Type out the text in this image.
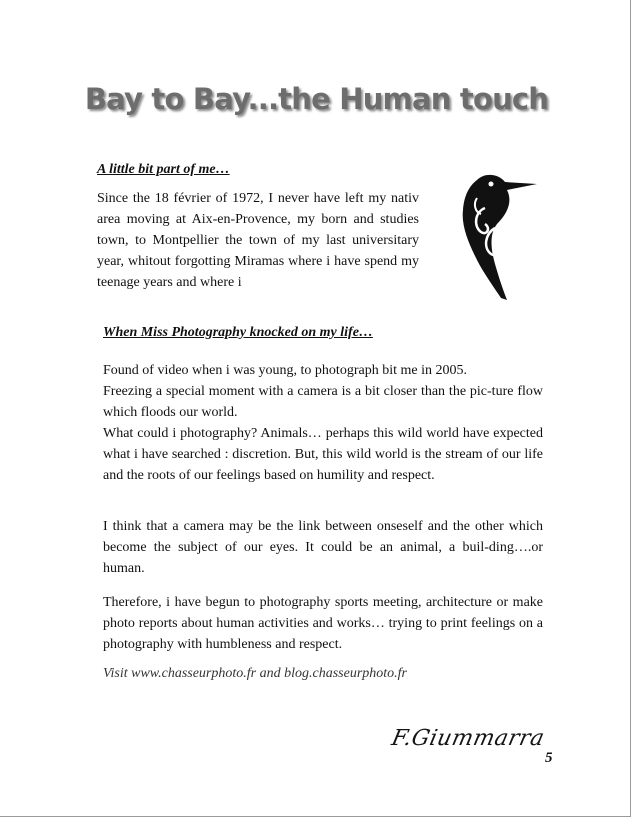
Bay to Bay...the Human touch
A little bit part of me…
Since the 18 février of 1972, I never have left my nativ area moving at Aix-en-Provence, my born and studies town, to Montpellier the town of my last universitary year, whitout forgotting Miramas where i have spend my teenage years and where i
When Miss Photography knocked on my life…
Found of video when i was young, to photograph bit me in 2005.
Freezing a special moment with a camera is a bit closer than the pic-ture flow which floods our world.
What could i photography? Animals… perhaps this wild world have expected what i have searched : discretion. But, this wild world is the stream of our life and the roots of our feelings based on humility and respect.
I think that a camera may be the link between onseself and the other which become the subject of our eyes. It could be an animal, a buil-ding….or human.
Therefore, i have begun to photography sports meeting, architecture or make photo reports about human activities and works… trying to print feelings on a photography with humbleness and respect.
Visit www.chasseurphoto.fr and blog.chasseurphoto.fr
F.Giummarra
5
